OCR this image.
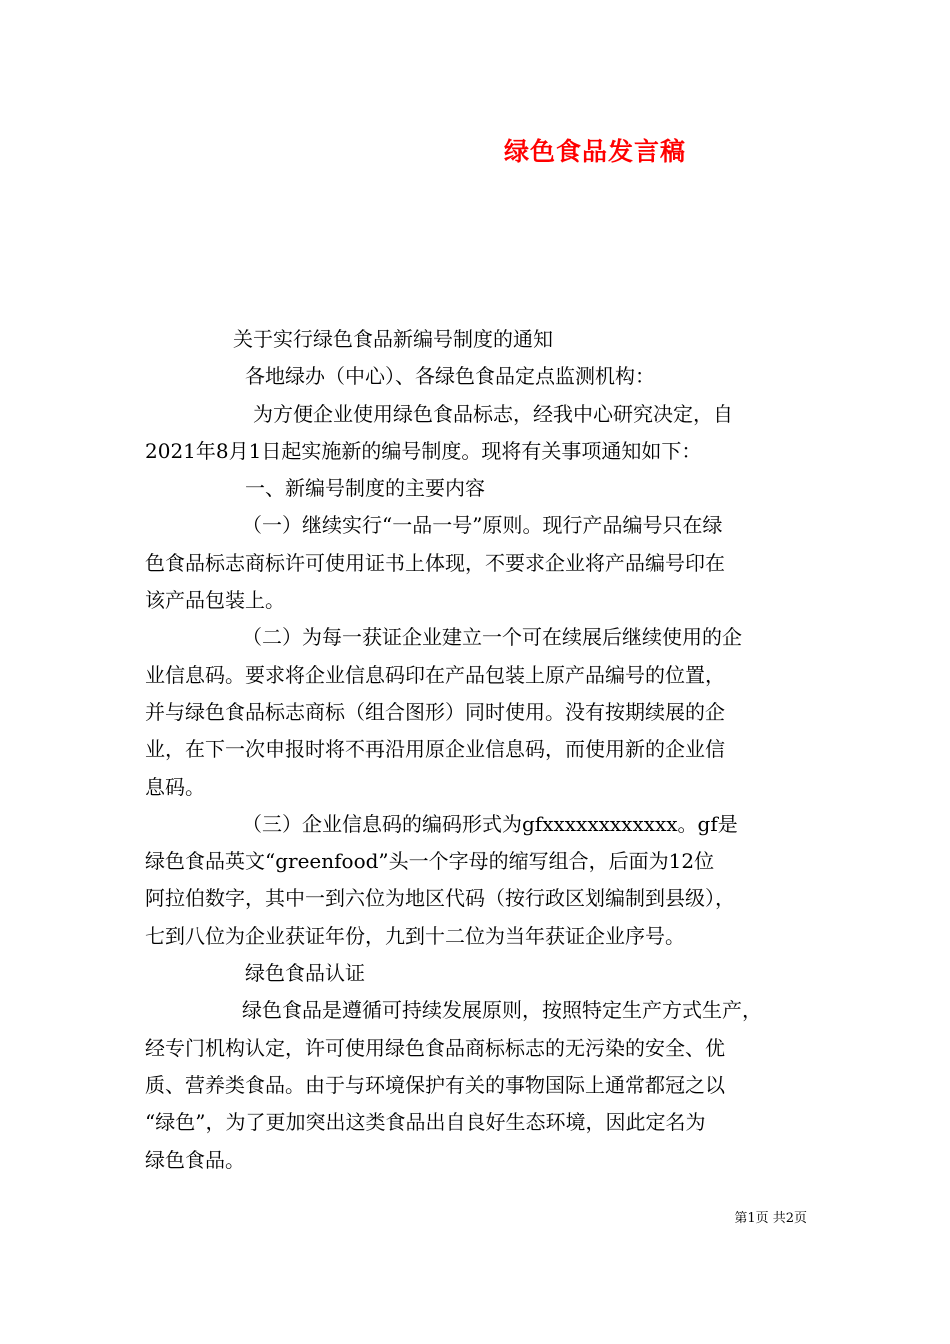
绿色食品发言稿
关于实行绿色食品新编号制度的通知
各地绿办（中心）、各绿色食品定点监测机构：
为方便企业使用绿色食品标志，经我中心研究决定，自
2021年8月1日起实施新的编号制度。现将有关事项通知如下：
一、新编号制度的主要内容
（一）继续实行“一品一号”原则。现行产品编号只在绿
色食品标志商标许可使用证书上体现，不要求企业将产品编号印在
该产品包装上。
（二）为每一获证企业建立一个可在续展后继续使用的企
业信息码。要求将企业信息码印在产品包装上原产品编号的位置，
并与绿色食品标志商标（组合图形）同时使用。没有按期续展的企
业，在下一次申报时将不再沿用原企业信息码，而使用新的企业信
息码。
（三）企业信息码的编码形式为gfxxxxxxxxxxxx。gf是
绿色食品英文“greenfood”头一个字母的缩写组合，后面为12位
阿拉伯数字，其中一到六位为地区代码（按行政区划编制到县级），
七到八位为企业获证年份，九到十二位为当年获证企业序号。
绿色食品认证
绿色食品是遵循可持续发展原则，按照特定生产方式生产，
经专门机构认定，许可使用绿色食品商标标志的无污染的安全、优
质、营养类食品。由于与环境保护有关的事物国际上通常都冠之以
“绿色”，为了更加突出这类食品出自良好生态环境，因此定名为
绿色食品。
第1页 共2页
